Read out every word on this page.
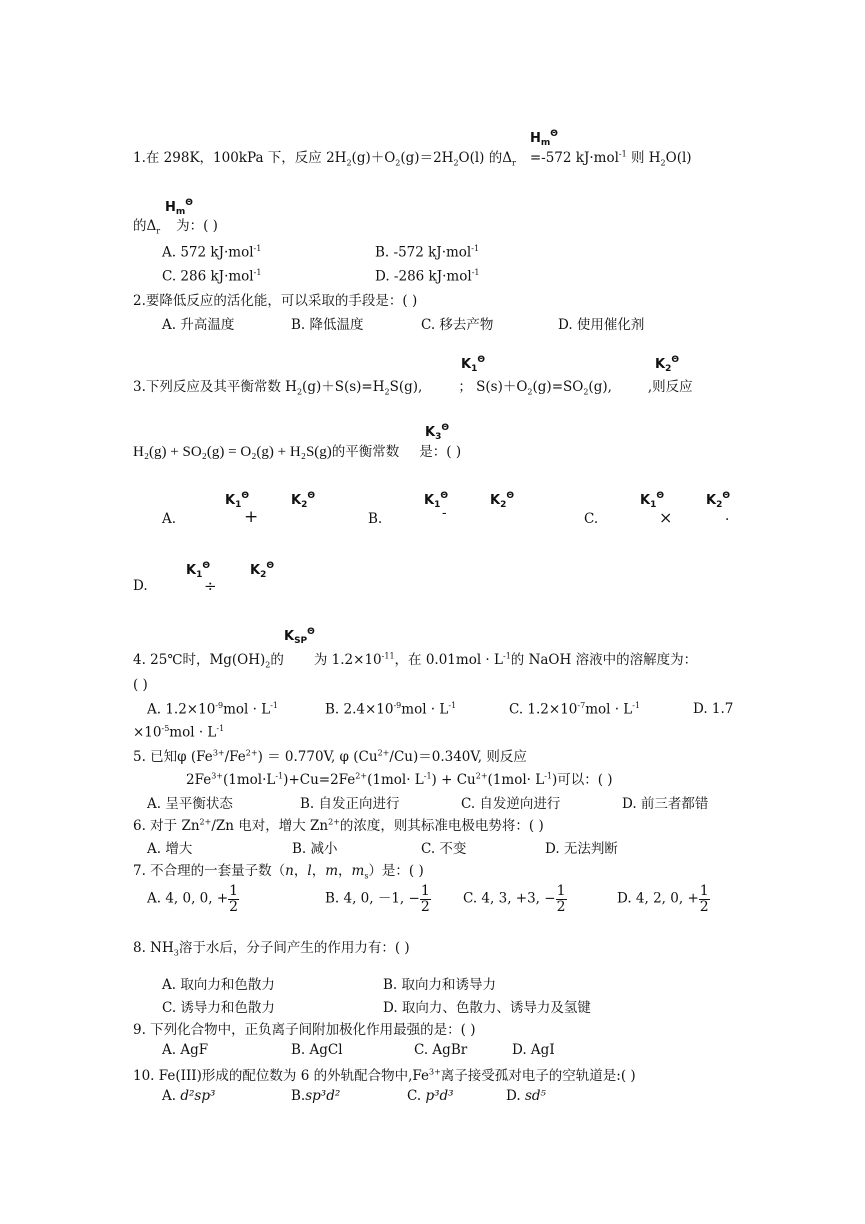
$H_m^\Theta$
1.在 298K，100kPa 下，反应 $2H_2(g)+O_2(g)=2H_2O(l)$ 的$\Delta_r =-572$ kJ·mol$^{-1}$ 则 $H_2O(l)$
$H_m^\Theta$
的$\Delta_r$ 为：( )
A. 572 kJ·mol$^{-1}$	B. -572 kJ·mol$^{-1}$
C. 286 kJ·mol$^{-1}$	D. -286 kJ·mol$^{-1}$
2.要降低反应的活化能，可以采取的手段是：( )
A. 升高温度	B. 降低温度	C. 移去产物	D. 使用催化剂
$K_1^\Theta$	$K_2^\Theta$
3.下列反应及其平衡常数 $H_2(g)+S(s)=H_2S(g)$,	； $S(s)+O_2(g)=SO_2(g)$,	,则反应
$K_3^\Theta$
H₂(g) + SO₂(g) = O₂(g) + H₂S(g)的平衡常数 是：( )
A.
$K_1^\Theta$
+
$K_2^\Theta$
B.
$K_1^\Theta$
-
$K_2^\Theta$
C.
$K_1^\Theta$
×
$K_2^\Theta$
.
D.
$K_1^\Theta$
÷
$K_2^\Theta$
$K_{SP}^\Theta$
4. 25℃时，$Mg(OH)_2$的 为 $1.2\times 10^{-11}$，在 $0.01mol \cdot L^{-1}$的 NaOH 溶液中的溶解度为：
( )
A. $1.2\times 10^{-9}mol \cdot L^{-1}$	B. $2.4\times 10^{-9}mol \cdot L^{-1}$	C. $1.2\times 10^{-7}mol \cdot L^{-1}$	D. 1.7
$\times 10^{-5}mol \cdot L^{-1}$
5. 已知φ $(Fe^{3+}/Fe^{2+}) = 0.770V$, φ $(Cu^{2+}/Cu)=0.340V$, 则反应
$2Fe^{3+}(1mol\cdot L^{-1})+Cu=2Fe^{2+}(1mol\cdot L^{-1}) + Cu^{2+}(1mol\cdot L^{-1})$可以：( )
A. 呈平衡状态	B. 自发正向进行	C. 自发逆向进行	D. 前三者都错
6. 对于 $Zn^{2+}/Zn$ 电对，增大 $Zn^{2+}$的浓度，则其标准电极电势将：( )
A. 增大	B. 减小	C. 不变	D. 无法判断
7. 不合理的一套量子数（n，l，m，$m_s$）是：( )
A. 4, 0, 0, + $\frac{1}{2}$	B. 4, 0, －1, − $\frac{1}{2} C$. 4, 3, +3, − $\frac{1}{2}$	D. 4, 2, 0, + $\frac{1}{2}$
8. $NH_3$溶于水后，分子间产生的作用力有：( )
A. 取向力和色散力	B. 取向力和诱导力
C. 诱导力和色散力	D. 取向力、色散力、诱导力及氢键
9. 下列化合物中，正负离子间附加极化作用最强的是：( )
A. AgF	B. AgCl	C. AgBr	D. AgI
10. Fe(III)形成的配位数为 6 的外轨配合物中$,Fe^{3+}$离子接受孤对电子的空轨道是:( )
A. d²sp³	B.sp³d²	C. p³d³	D. sd⁵
